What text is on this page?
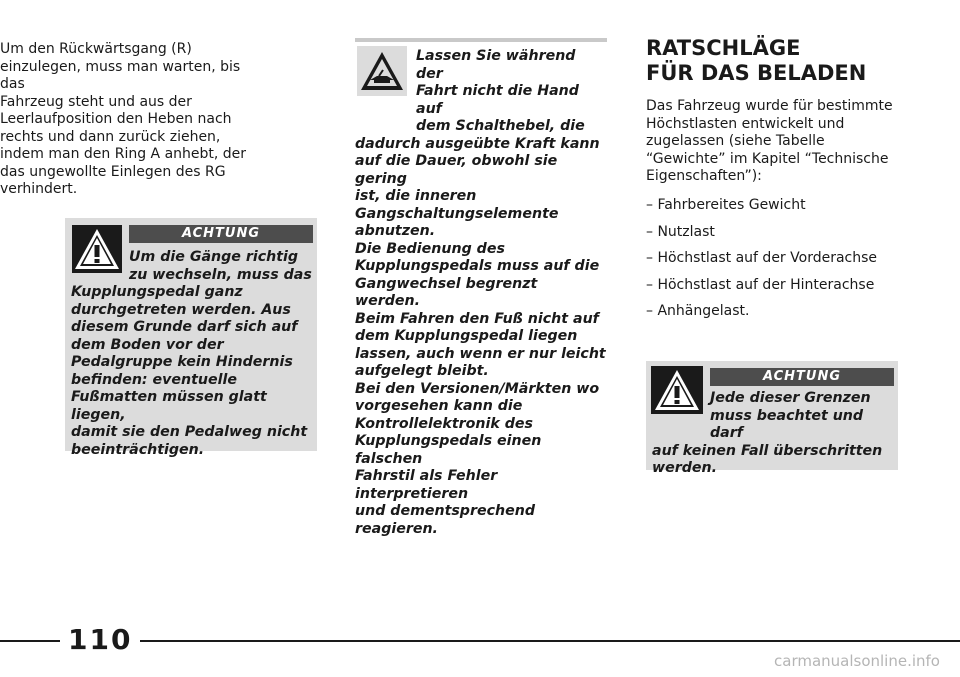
Um den Rückwärtsgang (R)
einzulegen, muss man warten, bis das
Fahrzeug steht und aus der
Leerlaufposition den Heben nach
rechts und dann zurück ziehen,
indem man den Ring A anhebt, der
das ungewollte Einlegen des RG
verhindert.

ACHTUNG

Um die Gänge richtig
zu wechseln, muss das
Kupplungspedal ganz
durchgetreten werden. Aus
diesem Grunde darf sich auf
dem Boden vor der
Pedalgruppe kein Hindernis
befinden: eventuelle
Fußmatten müssen glatt liegen,
damit sie den Pedalweg nicht
beeinträchtigen.

Lassen Sie während der
Fahrt nicht die Hand auf
dem Schalthebel, die
dadurch ausgeübte Kraft kann
auf die Dauer, obwohl sie gering
ist, die inneren
Gangschaltungselemente
abnutzen.
Die Bedienung des
Kupplungspedals muss auf die
Gangwechsel begrenzt werden.
Beim Fahren den Fuß nicht auf
dem Kupplungspedal liegen
lassen, auch wenn er nur leicht
aufgelegt bleibt.
Bei den Versionen/Märkten wo
vorgesehen kann die
Kontrollelektronik des
Kupplungspedals einen falschen
Fahrstil als Fehler interpretieren
und dementsprechend
reagieren.

RATSCHLÄGE
FÜR DAS BELADEN

Das Fahrzeug wurde für bestimmte
Höchstlasten entwickelt und
zugelassen (siehe Tabelle
“Gewichte” im Kapitel “Technische
Eigenschaften”):

– Fahrbereites Gewicht
– Nutzlast
– Höchstlast auf der Vorderachse
– Höchstlast auf der Hinterachse
– Anhängelast.
ACHTUNG

Jede dieser Grenzen
muss beachtet und darf
auf keinen Fall überschritten
werden.

110
carmanualsonline.info
